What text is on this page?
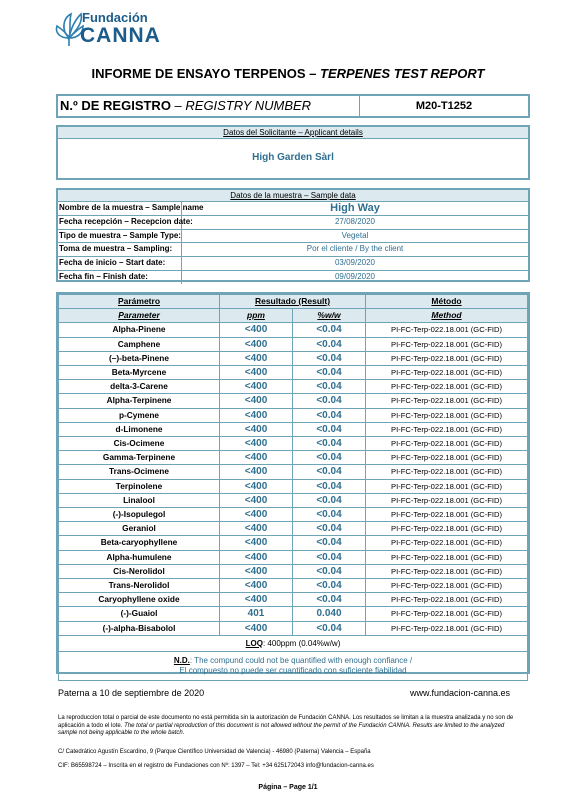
Fundación
CANNA
INFORME DE ENSAYO TERPENOS – TERPENES TEST REPORT
N.º DE REGISTRO – REGISTRY NUMBER	M20-T1252
Datos del Solicitante – Applicant details
High Garden Sàrl
Datos de la muestra – Sample data
Nombre de la muestra – Sample name	High Way
Fecha recepción – Recepcion date:	27/08/2020
Tipo de muestra – Sample Type:	Vegetal
Toma de muestra – Sampling:	Por el cliente / By the client
Fecha de inicio – Start date:	03/09/2020
Fecha fin – Finish date:	09/09/2020
Parámetro	Resultado (Result)		Método
Parameter	ppm	%w/w	Method
Alpha-Pinene	<400	<0.04	PI-FC-Terp-022.18.001 (GC-FID)
Camphene	<400	<0.04	PI-FC-Terp-022.18.001 (GC-FID)
(–)-beta-Pinene	<400	<0.04	PI-FC-Terp-022.18.001 (GC-FID)
Beta-Myrcene	<400	<0.04	PI-FC-Terp-022.18.001 (GC-FID)
delta-3-Carene	<400	<0.04	PI-FC-Terp-022.18.001 (GC-FID)
Alpha-Terpinene	<400	<0.04	PI-FC-Terp-022.18.001 (GC-FID)
p-Cymene	<400	<0.04	PI-FC-Terp-022.18.001 (GC-FID)
d-Limonene	<400	<0.04	PI-FC-Terp-022.18.001 (GC-FID)
Cis-Ocimene	<400	<0.04	PI-FC-Terp-022.18.001 (GC-FID)
Gamma-Terpinene	<400	<0.04	PI-FC-Terp-022.18.001 (GC-FID)
Trans-Ocimene	<400	<0.04	PI-FC-Terp-022.18.001 (GC-FID)
Terpinolene	<400	<0.04	PI-FC-Terp-022.18.001 (GC-FID)
Linalool	<400	<0.04	PI-FC-Terp-022.18.001 (GC-FID)
(-)-Isopulegol	<400	<0.04	PI-FC-Terp-022.18.001 (GC-FID)
Geraniol	<400	<0.04	PI-FC-Terp-022.18.001 (GC-FID)
Beta-caryophyllene	<400	<0.04	PI-FC-Terp-022.18.001 (GC-FID)
Alpha-humulene	<400	<0.04	PI-FC-Terp-022.18.001 (GC-FID)
Cis-Nerolidol	<400	<0.04	PI-FC-Terp-022.18.001 (GC-FID)
Trans-Nerolidol	<400	<0.04	PI-FC-Terp-022.18.001 (GC-FID)
Caryophyllene oxide	<400	<0.04	PI-FC-Terp-022.18.001 (GC-FID)
(-)-Guaiol	401	0.040	PI-FC-Terp-022.18.001 (GC-FID)
(-)-alpha-Bisabolol	<400	<0.04	PI-FC-Terp-022.18.001 (GC-FID)
LOQ: 400ppm (0.04%w/w)			
N.D.: The compund could not be quantified with enough confiance /
El compuesto no puede ser cuantificado con suficiente fiabilidad			
Paterna a 10 de septiembre de 2020	www.fundacion-canna.es
La reproduccion total o parcial de este documento no está permitida sin la autorización de Fundación CANNA. Los resultados se limitan a la muestra analizada y no son de aplicación a todo el lote. The total or partial reproduction of this document is not allowed without the permit of the Fundación CANNA. Results are limited to the analyzed sample not being applicable to the whole batch.
C/ Catedrático Agustín Escardino, 9 (Parque Científico Universidad de Valencia) - 46980 (Paterna) Valencia – España
CIF: B65598724 – Inscrita en el registro de Fundaciones con Nº: 1397 – Tel: +34 625172043 info@fundacion-canna.es
Página – Page 1/1
